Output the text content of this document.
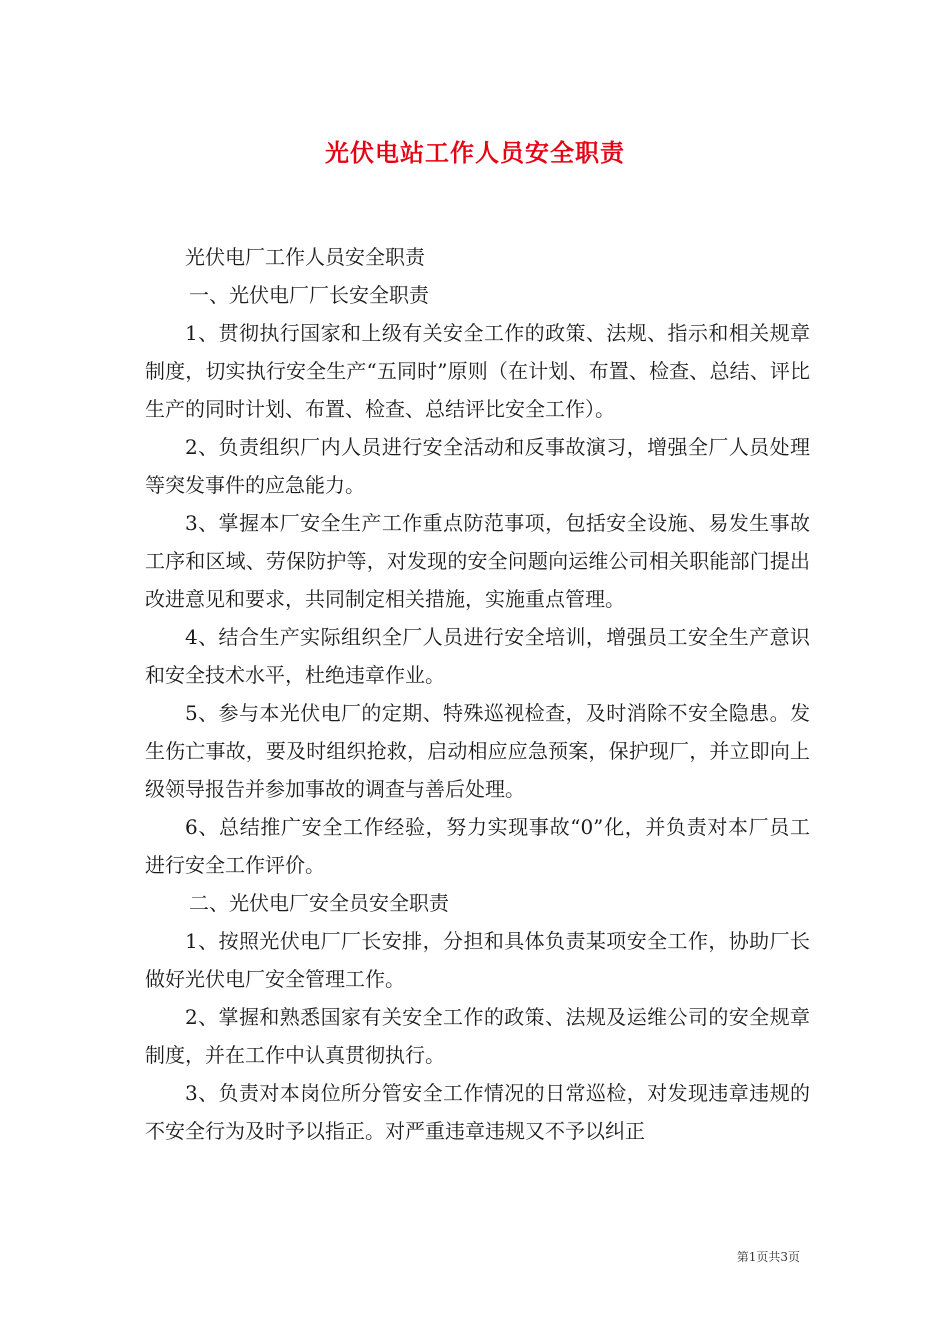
光伏电站工作人员安全职责

光伏电厂工作人员安全职责

一、光伏电厂厂长安全职责

1、贯彻执行国家和上级有关安全工作的政策、法规、指示和相关规章制度，切实执行安全生产“五同时”原则（在计划、布置、检查、总结、评比生产的同时计划、布置、检查、总结评比安全工作）。

2、负责组织厂内人员进行安全活动和反事故演习，增强全厂人员处理等突发事件的应急能力。

3、掌握本厂安全生产工作重点防范事项，包括安全设施、易发生事故工序和区域、劳保防护等，对发现的安全问题向运维公司相关职能部门提出改进意见和要求，共同制定相关措施，实施重点管理。

4、结合生产实际组织全厂人员进行安全培训，增强员工安全生产意识和安全技术水平，杜绝违章作业。

5、参与本光伏电厂的定期、特殊巡视检查，及时消除不安全隐患。发生伤亡事故，要及时组织抢救，启动相应应急预案，保护现厂，并立即向上级领导报告并参加事故的调查与善后处理。

6、总结推广安全工作经验，努力实现事故“0”化，并负责对本厂员工进行安全工作评价。

二、光伏电厂安全员安全职责

1、按照光伏电厂厂长安排，分担和具体负责某项安全工作，协助厂长做好光伏电厂安全管理工作。

2、掌握和熟悉国家有关安全工作的政策、法规及运维公司的安全规章制度，并在工作中认真贯彻执行。

3、负责对本岗位所分管安全工作情况的日常巡检，对发现违章违规的不安全行为及时予以指正。对严重违章违规又不予以纠正

第1页共3页
